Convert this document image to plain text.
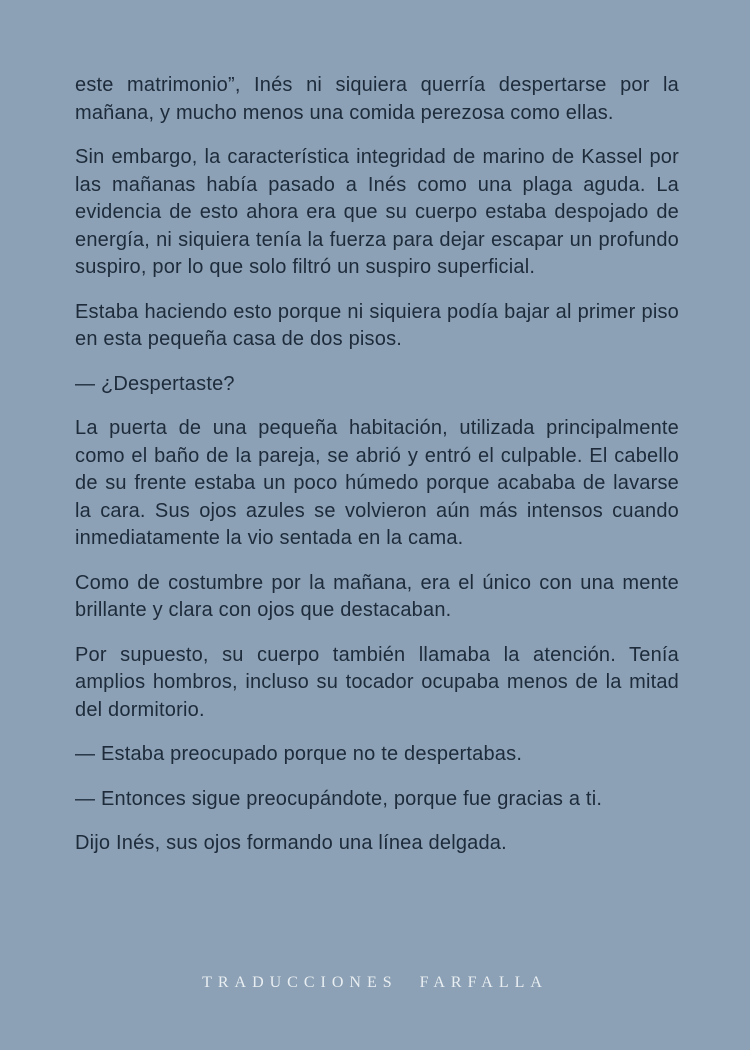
este matrimonio”, Inés ni siquiera querría despertarse por la mañana, y mucho menos una comida perezosa como ellas.

Sin embargo, la característica integridad de marino de Kassel por las mañanas había pasado a Inés como una plaga aguda. La evidencia de esto ahora era que su cuerpo estaba despojado de energía, ni siquiera tenía la fuerza para dejar escapar un profundo suspiro, por lo que solo filtró un suspiro superficial.

Estaba haciendo esto porque ni siquiera podía bajar al primer piso en esta pequeña casa de dos pisos.

— ¿Despertaste?

La puerta de una pequeña habitación, utilizada principalmente como el baño de la pareja, se abrió y entró el culpable. El cabello de su frente estaba un poco húmedo porque acababa de lavarse la cara. Sus ojos azules se volvieron aún más intensos cuando inmediatamente la vio sentada en la cama.

Como de costumbre por la mañana, era el único con una mente brillante y clara con ojos que destacaban.

Por supuesto, su cuerpo también llamaba la atención. Tenía amplios hombros, incluso su tocador ocupaba menos de la mitad del dormitorio.

— Estaba preocupado porque no te despertabas.

— Entonces sigue preocupándote, porque fue gracias a ti.

Dijo Inés, sus ojos formando una línea delgada.

TRADUCCIONES FARFALLA
